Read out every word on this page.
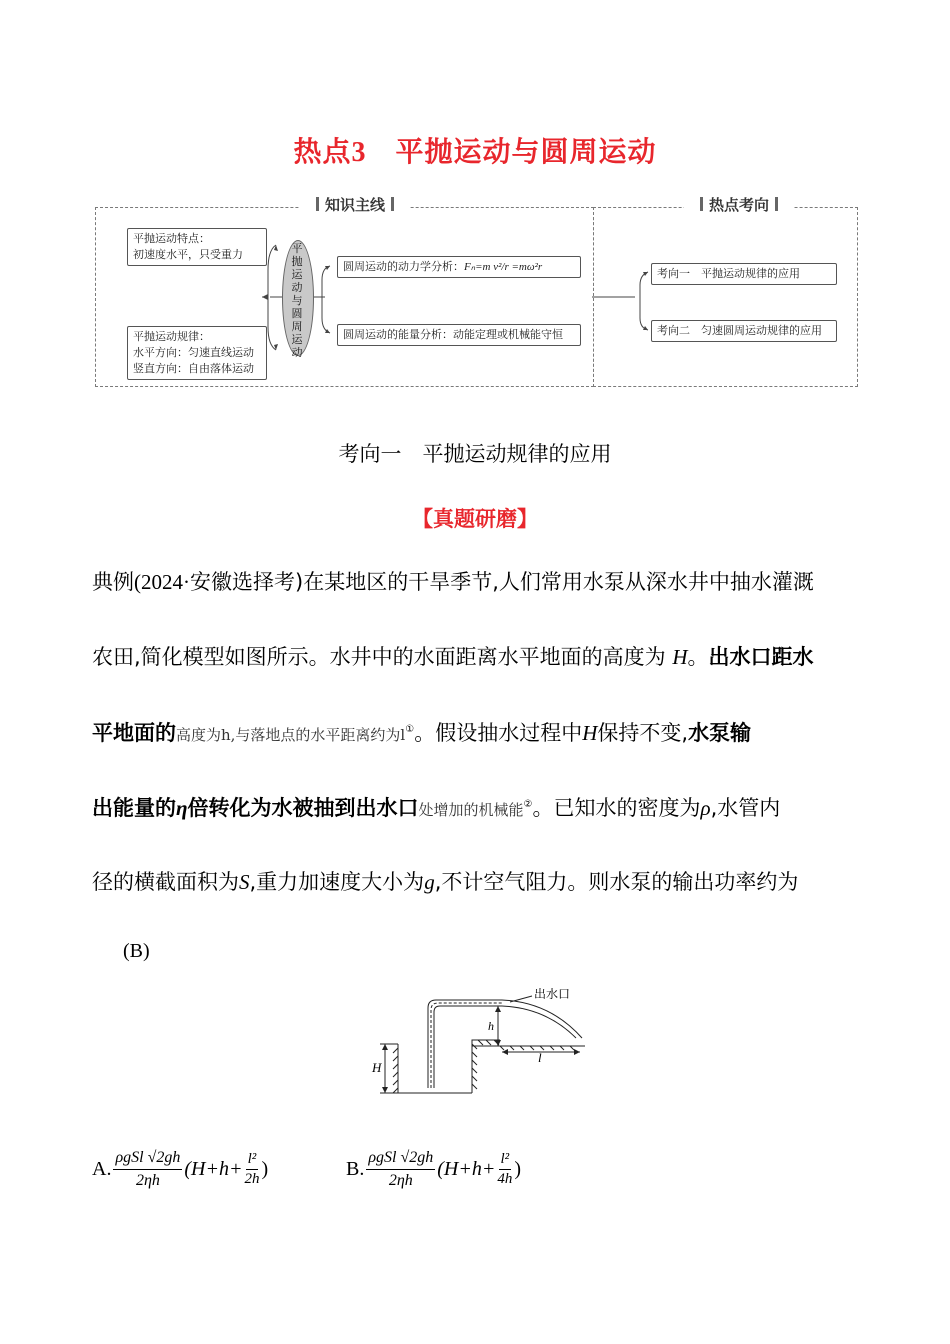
热点3　 平抛运动与圆周运动
知识主线	热点考向
平抛运动特点：
初速度水平，只受重力
平抛运动规律：
水平方向：匀速直线运动
竖直方向：自由落体运动
平抛运动与圆周运动
圆周运动的动力学分析：Fₙ=m v²/r =mω²r
圆周运动的能量分析：动能定理或机械能守恒
考向一　平抛运动规律的应用
考向二　匀速圆周运动规律的应用
考向一　平抛运动规律的应用
【真题研磨】
典例(2024·安徽选择考)在某地区的干旱季节,人们常用水泵从深水井中抽水灌溉
农田,简化模型如图所示。水井中的水面距离水平地面的高度为 H。出水口距水
平地面的高度为h,与落地点的水平距离约为l①。假设抽水过程中H保持不变,水泵输
出能量的η倍转化为水被抽到出水口处增加的机械能②。已知水的密度为ρ,水管内
径的横截面积为S,重力加速度大小为g,不计空气阻力。则水泵的输出功率约为
(B)
出水口
h
H
l
A. $\frac{\text{ρgSl √2gh}}{2\eta h} (H+h+ \frac{\text{l²}}{2h}$ )	B. $\frac{\text{ρgSl √2gh}}{2\eta h} (H+h+ \frac{\text{l²}}{4h}$ )
